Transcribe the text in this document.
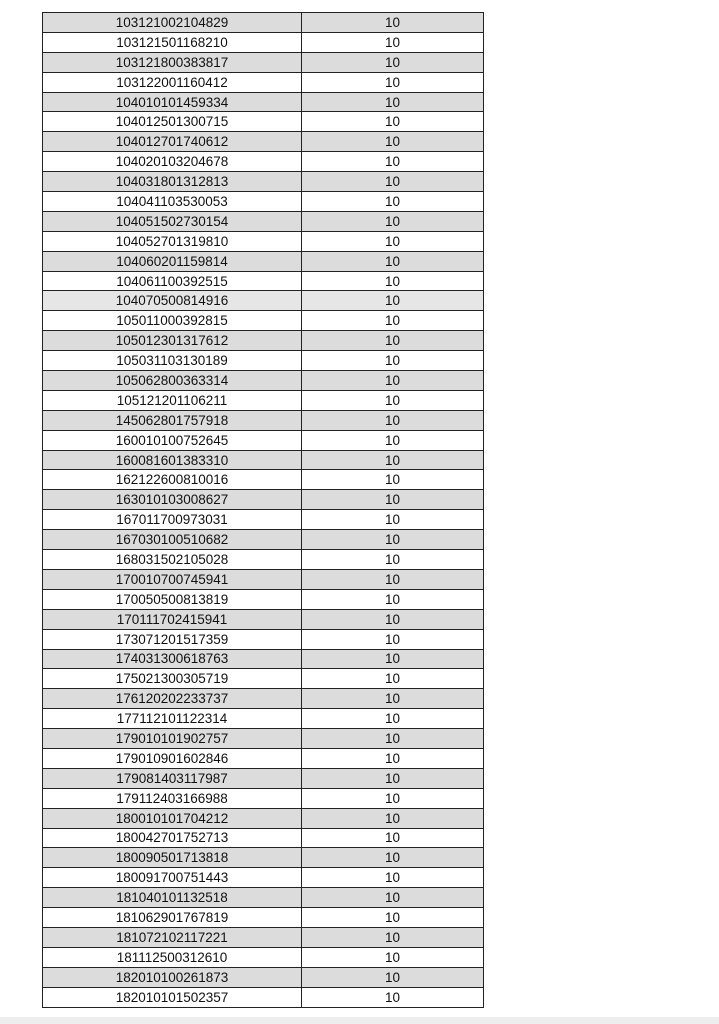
103121002104829	10
103121501168210	10
103121800383817	10
103122001160412	10
104010101459334	10
104012501300715	10
104012701740612	10
104020103204678	10
104031801312813	10
104041103530053	10
104051502730154	10
104052701319810	10
104060201159814	10
104061100392515	10
104070500814916	10
105011000392815	10
105012301317612	10
105031103130189	10
105062800363314	10
105121201106211	10
145062801757918	10
160010100752645	10
160081601383310	10
162122600810016	10
163010103008627	10
167011700973031	10
167030100510682	10
168031502105028	10
170010700745941	10
170050500813819	10
170111702415941	10
173071201517359	10
174031300618763	10
175021300305719	10
176120202233737	10
177112101122314	10
179010101902757	10
179010901602846	10
179081403117987	10
179112403166988	10
180010101704212	10
180042701752713	10
180090501713818	10
180091700751443	10
181040101132518	10
181062901767819	10
181072102117221	10
181112500312610	10
182010100261873	10
182010101502357	10
